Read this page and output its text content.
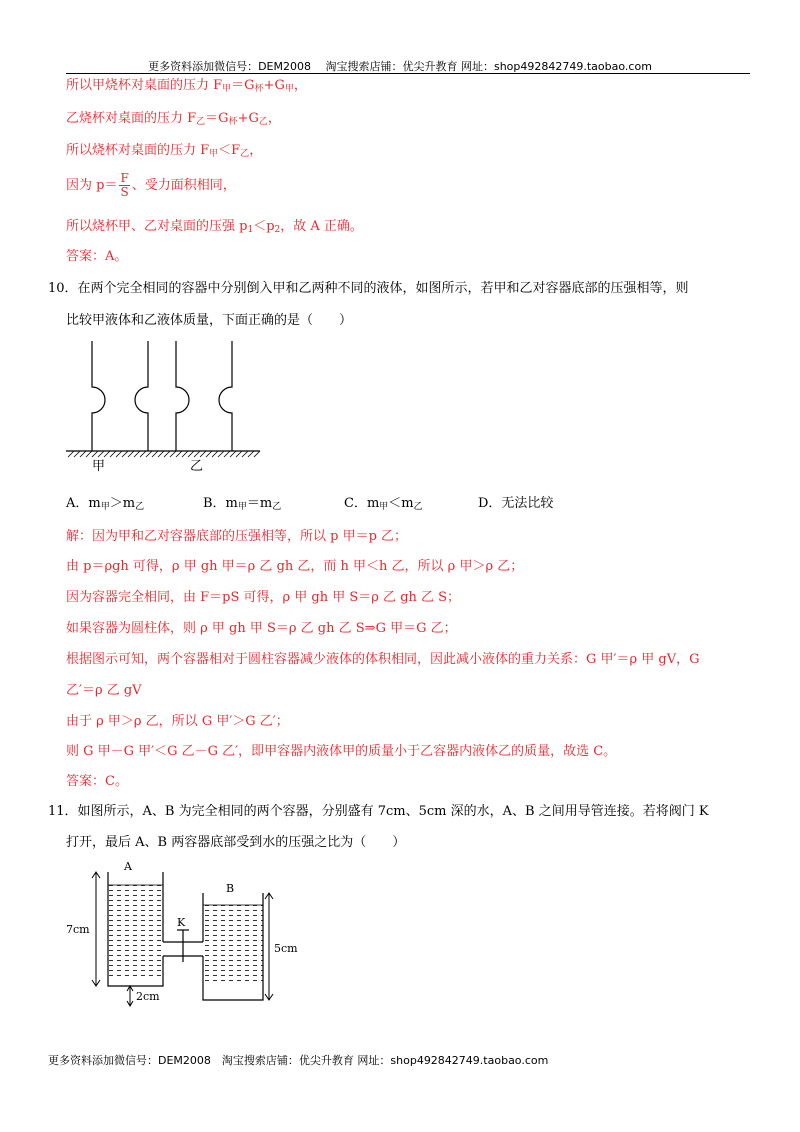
更多资料添加微信号：DEM2008　 淘宝搜索店铺：优尖升教育 网址：shop492842749.taobao.com
所以甲烧杯对桌面的压力 $F_甲=G_杯+G_甲$，
乙烧杯对桌面的压力 $F_乙=G_杯+G_乙$，
所以烧杯对桌面的压力 $F_甲<F_乙$，
因为 $p= \frac{F}{S}$ 、受力面积相同，
所以烧杯甲、乙对桌面的压强 $p_1<p_2$，故 A 正确。
答案：A。
10．在两个完全相同的容器中分别倒入甲和乙两种不同的液体，如图所示，若甲和乙对容器底部的压强相等，则
比较甲液体和乙液体质量，下面正确的是（　　）
甲	乙
A．$m_甲>m_乙$	B．$m_甲=m_乙$	C．$m_甲<m_乙$	D．无法比较
解：因为甲和乙对容器底部的压强相等，所以 p 甲＝p 乙；
由 p＝ρgh 可得，ρ 甲 gh 甲＝ρ 乙 gh 乙，而 h 甲＜h 乙，所以 ρ 甲＞ρ 乙；
因为容器完全相同，由 F＝pS 可得，ρ 甲 gh 甲 S＝ρ 乙 gh 乙 S；
如果容器为圆柱体，则 ρ 甲 gh 甲 S＝ρ 乙 gh 乙 S⇒G 甲＝G 乙；
根据图示可知，两个容器相对于圆柱容器减少液体的体积相同，因此减小液体的重力关系：G 甲′＝ρ 甲 gV，G
乙′＝ρ 乙 gV
由于 ρ 甲＞ρ 乙，所以 G 甲′＞G 乙′；
则 G 甲－G 甲′＜G 乙－G 乙′，即甲容器内液体甲的质量小于乙容器内液体乙的质量，故选 C。
答案：C。
11．如图所示，A、B 为完全相同的两个容器，分别盛有 7cm、5cm 深的水，A、B 之间用导管连接。若将阀门 K
打开，最后 A、B 两容器底部受到水的压强之比为（　　）
K
A
B
7cm
5cm
2cm
更多资料添加微信号：DEM2008　淘宝搜索店铺：优尖升教育 网址：shop492842749.taobao.com
